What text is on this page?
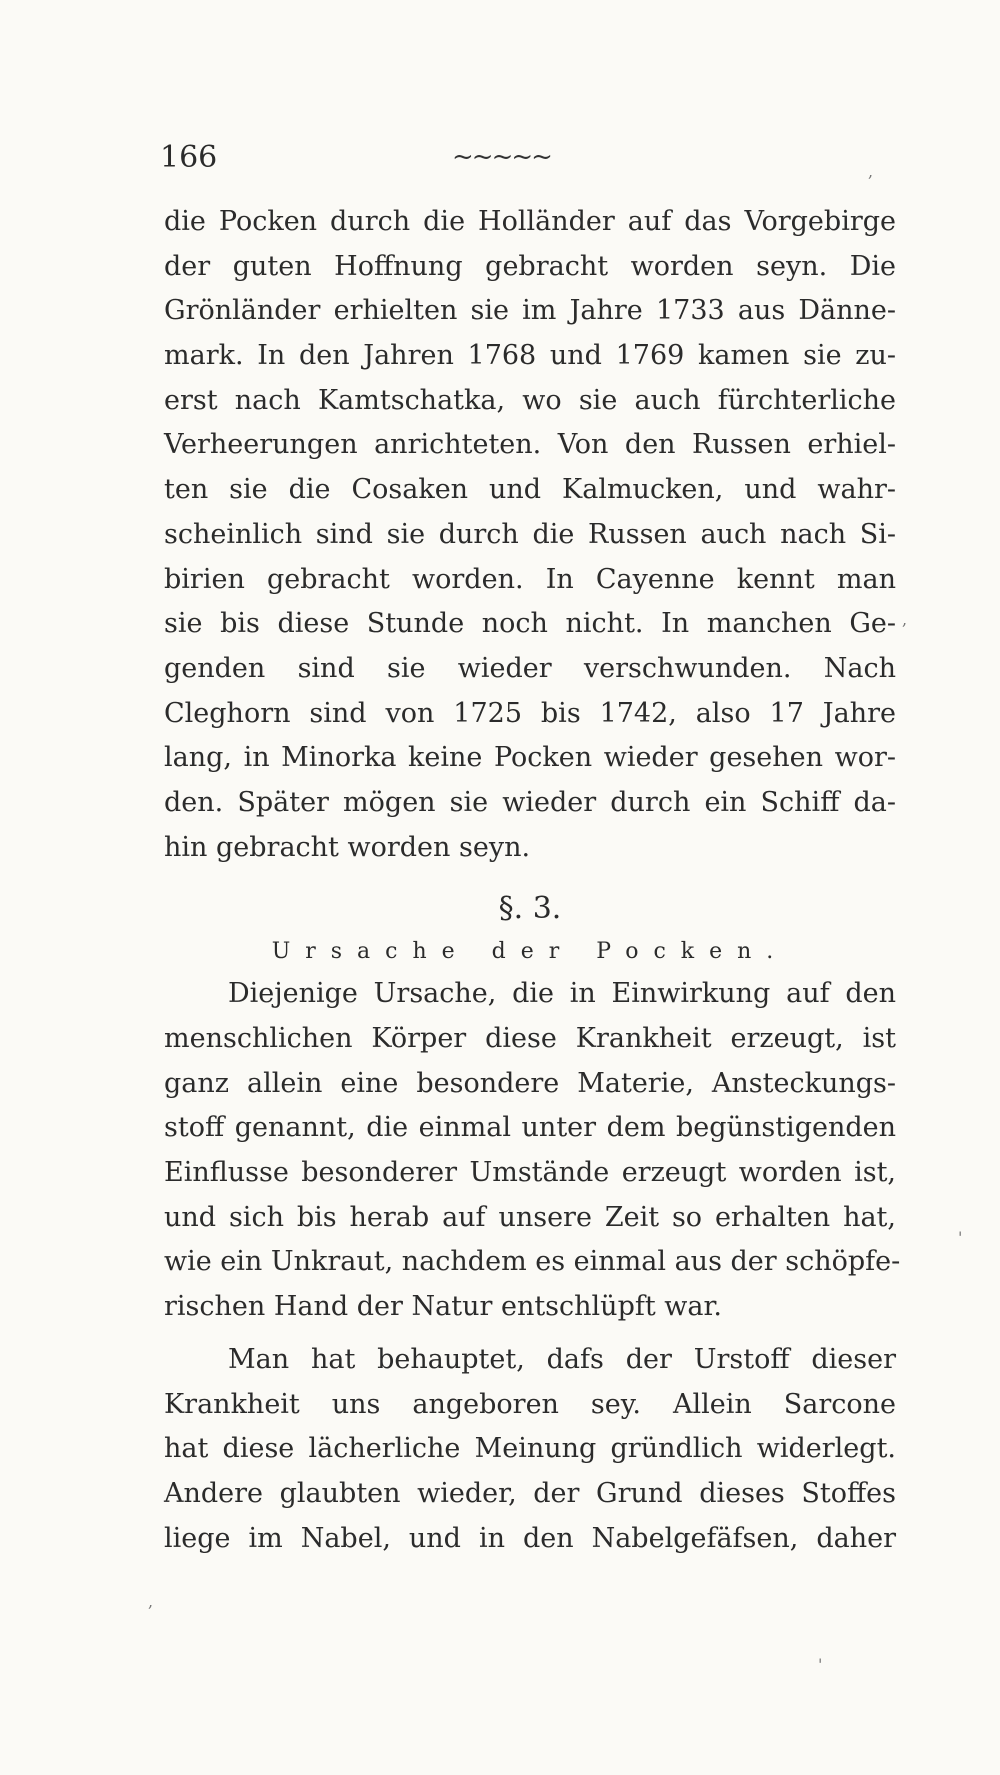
166	~~~~~
die Pocken durch die Holländer auf das Vorgebirge
der guten Hoffnung gebracht worden seyn. Die
Grönländer erhielten sie im Jahre 1733 aus Dänne-
mark. In den Jahren 1768 und 1769 kamen sie zu-
erst nach Kamtschatka, wo sie auch fürchterliche
Verheerungen anrichteten. Von den Russen erhiel-
ten sie die Cosaken und Kalmucken, und wahr-
scheinlich sind sie durch die Russen auch nach Si-
birien gebracht worden. In Cayenne kennt man
sie bis diese Stunde noch nicht. In manchen Ge-
genden sind sie wieder verschwunden. Nach
Cleghorn sind von 1725 bis 1742, also 17 Jahre
lang, in Minorka keine Pocken wieder gesehen wor-
den. Später mögen sie wieder durch ein Schiff da-
hin gebracht worden seyn.
§. 3.
Ursache der Pocken.
Diejenige Ursache, die in Einwirkung auf den
menschlichen Körper diese Krankheit erzeugt, ist
ganz allein eine besondere Materie, Ansteckungs-
stoff genannt, die einmal unter dem begünstigenden
Einflusse besonderer Umstände erzeugt worden ist,
und sich bis herab auf unsere Zeit so erhalten hat,
wie ein Unkraut, nachdem es einmal aus der schöpfe-
rischen Hand der Natur entschlüpft war.
Man hat behauptet, dafs der Urstoff dieser
Krankheit uns angeboren sey. Allein Sarcone
hat diese lächerliche Meinung gründlich widerlegt.
Andere glaubten wieder, der Grund dieses Stoffes
liege im Nabel, und in den Nabelgefäfsen, daher
,
,
'
,
'
